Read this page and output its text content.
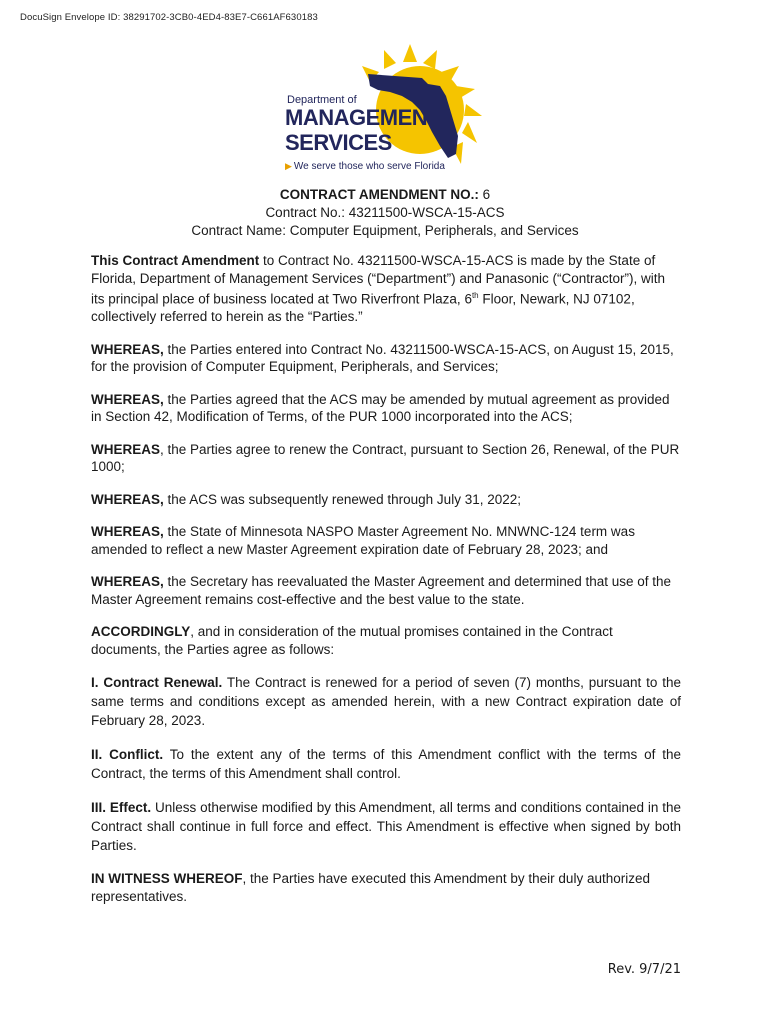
DocuSign Envelope ID: 38291702-3CB0-4ED4-83E7-C661AF630183
Department of
MANAGEMENT
SERVICES
▶ We serve those who serve Florida
CONTRACT AMENDMENT NO.: 6
Contract No.: 43211500-WSCA-15-ACS
Contract Name: Computer Equipment, Peripherals, and Services

This Contract Amendment to Contract No. 43211500-WSCA-15-ACS is made by the State of Florida, Department of Management Services (“Department”) and Panasonic (“Contractor”), with its principal place of business located at Two Riverfront Plaza, 6th Floor, Newark, NJ 07102, collectively referred to herein as the “Parties.”

WHEREAS, the Parties entered into Contract No. 43211500-WSCA-15-ACS, on August 15, 2015, for the provision of Computer Equipment, Peripherals, and Services;

WHEREAS, the Parties agreed that the ACS may be amended by mutual agreement as provided in Section 42, Modification of Terms, of the PUR 1000 incorporated into the ACS;

WHEREAS, the Parties agree to renew the Contract, pursuant to Section 26, Renewal, of the PUR 1000;

WHEREAS, the ACS was subsequently renewed through July 31, 2022;

WHEREAS, the State of Minnesota NASPO Master Agreement No. MNWNC-124 term was amended to reflect a new Master Agreement expiration date of February 28, 2023; and

WHEREAS, the Secretary has reevaluated the Master Agreement and determined that use of the Master Agreement remains cost-effective and the best value to the state.

ACCORDINGLY, and in consideration of the mutual promises contained in the Contract documents, the Parties agree as follows:

I. Contract Renewal. The Contract is renewed for a period of seven (7) months, pursuant to the same terms and conditions except as amended herein, with a new Contract expiration date of February 28, 2023.

II. Conflict. To the extent any of the terms of this Amendment conflict with the terms of the Contract, the terms of this Amendment shall control.

III. Effect. Unless otherwise modified by this Amendment, all terms and conditions contained in the Contract shall continue in full force and effect. This Amendment is effective when signed by both Parties.

IN WITNESS WHEREOF, the Parties have executed this Amendment by their duly authorized representatives.

Rev. 9/7/21
